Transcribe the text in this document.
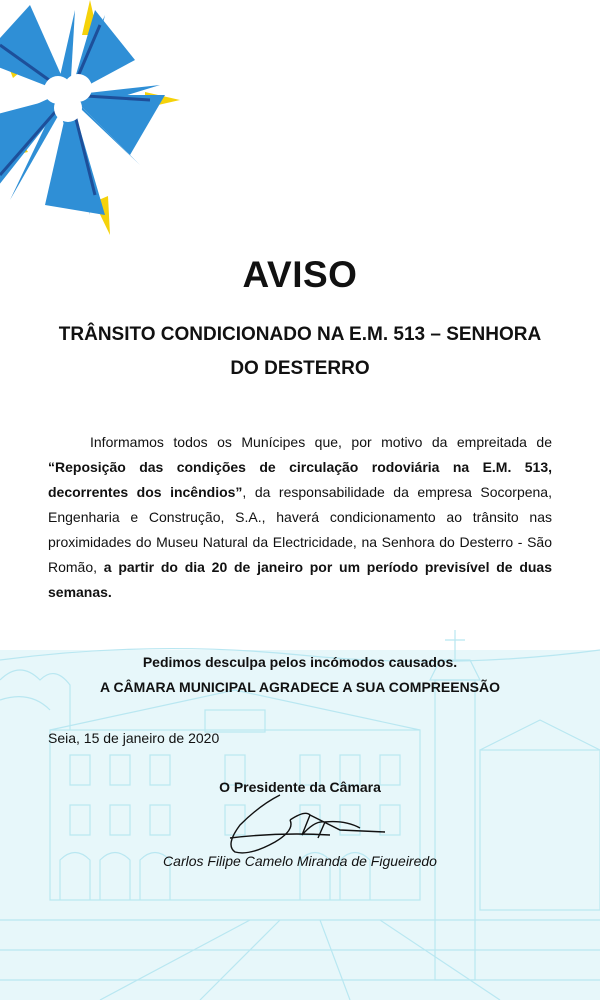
AVISO
TRÂNSITO CONDICIONADO NA E.M. 513 – SENHORA DO DESTERRO
Informamos todos os Munícipes que, por motivo da empreitada de “Reposição das condições de circulação rodoviária na E.M. 513, decorrentes dos incêndios”, da responsabilidade da empresa Socorpena, Engenharia e Construção, S.A., haverá condicionamento ao trânsito nas proximidades do Museu Natural da Electricidade, na Senhora do Desterro - São Romão, a partir do dia 20 de janeiro por um período previsível de duas semanas.
Pedimos desculpa pelos incómodos causados.
A CÂMARA MUNICIPAL AGRADECE A SUA COMPREENSÃO
Seia, 15 de janeiro de 2020
O Presidente da Câmara
Carlos Filipe Camelo Miranda de Figueiredo
